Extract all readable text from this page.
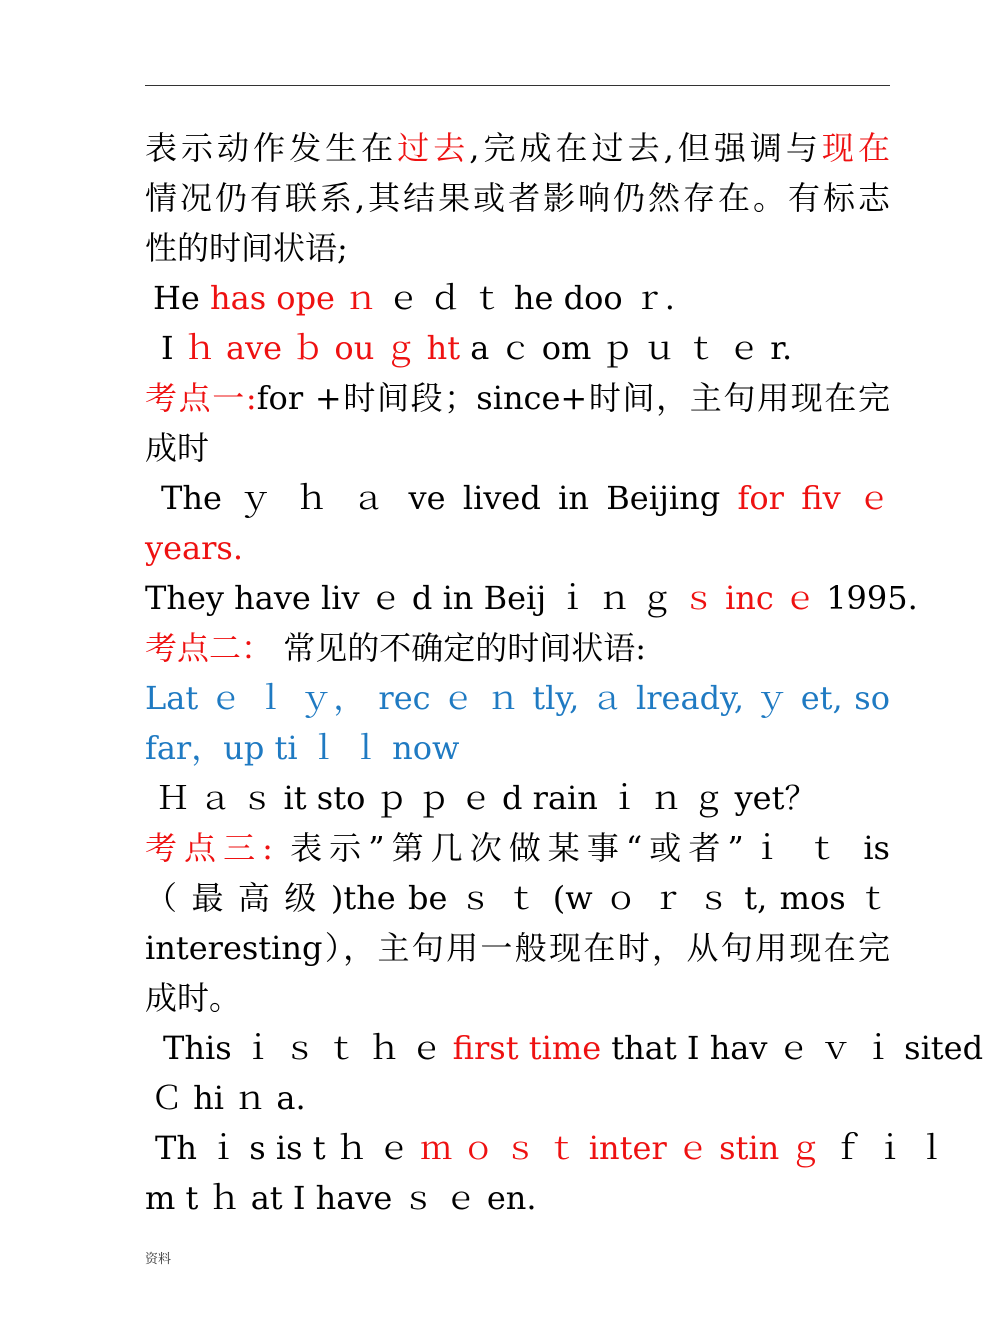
表示动作发生在过去,完成在过去,但强调与现在
情况仍有联系,其结果或者影响仍然存在。有标志
性的时间状语;
He has ope ｎ ｅ ｄ ｔ he doo ｒ.
I ｈ ave ｂ ou ｇ ht a ｃ om ｐ ｕ ｔ ｅ r.
考点一:for +时间段；since+时间，主句用现在完
成时
The ｙ ｈ ａ ve lived in Beijing for fiv ｅ
years.
They have liv ｅ d in Beij ｉ ｎ ｇ ｓ inc ｅ 1995.
考点二： 常见的不确定的时间状语:
Lat ｅ ｌ ｙ， rec ｅ ｎ tly, ａ lready, ｙ et, so
far，up ti ｌ ｌ now
Ｈ ａ ｓ it sto ｐ ｐ ｅ d rain ｉ ｎ ｇ yet？
考点三: 表示”第几次做某事“或者”ｉ ｔ is
（ 最 高 级 )the be ｓ ｔ (w ｏ ｒ ｓ t, mos ｔ
interesting），主句用一般现在时，从句用现在完
成时。
This ｉ ｓ ｔ ｈ ｅ first time that I hav ｅ ｖ ｉ sited
Ｃ hi ｎ a.
Th ｉ s is t ｈ ｅ ｍ ｏ ｓ ｔ inter ｅ stin ｇ ｆ ｉ ｌ
m t ｈ at I have ｓ ｅ en.
资料
